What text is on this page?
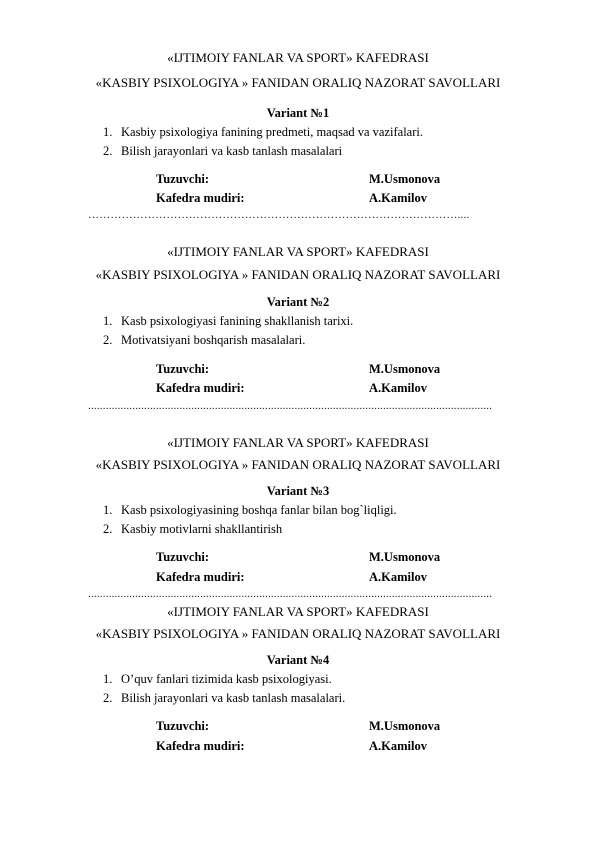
«IJTIMOIY FANLAR VA SPORT» KAFEDRASI
«KASBIY PSIXOLOGIYA » FANIDAN ORALIQ NAZORAT SAVOLLARI
Variant №1
1. Kasbiy psixologiya fanining predmeti, maqsad va vazifalari.
2. Bilish jarayonlari va kasb tanlash masalalari
Tuzuvchi:	M.Usmonova
Kafedra mudiri:	A.Kamilov
………………………………………………………………………………………....
«IJTIMOIY FANLAR VA SPORT» KAFEDRASI
«KASBIY PSIXOLOGIYA » FANIDAN ORALIQ NAZORAT SAVOLLARI
Variant №2
1. Kasb psixologiyasi fanining shakllanish tarixi.
2. Motivatsiyani boshqarish masalalari.
Tuzuvchi:	M.Usmonova
Kafedra mudiri:	A.Kamilov
.........................................................................................................................................
«IJTIMOIY FANLAR VA SPORT» KAFEDRASI
«KASBIY PSIXOLOGIYA » FANIDAN ORALIQ NAZORAT SAVOLLARI
Variant №3
1. Kasb psixologiyasining boshqa fanlar bilan bog`liqligi.
2. Kasbiy motivlarni shakllantirish
Tuzuvchi:	M.Usmonova
Kafedra mudiri:	A.Kamilov
.........................................................................................................................................
«IJTIMOIY FANLAR VA SPORT» KAFEDRASI
«KASBIY PSIXOLOGIYA » FANIDAN ORALIQ NAZORAT SAVOLLARI
Variant №4
1. O’quv fanlari tizimida kasb psixologiyasi.
2. Bilish jarayonlari va kasb tanlash masalalari.
Tuzuvchi:	M.Usmonova
Kafedra mudiri:	A.Kamilov
